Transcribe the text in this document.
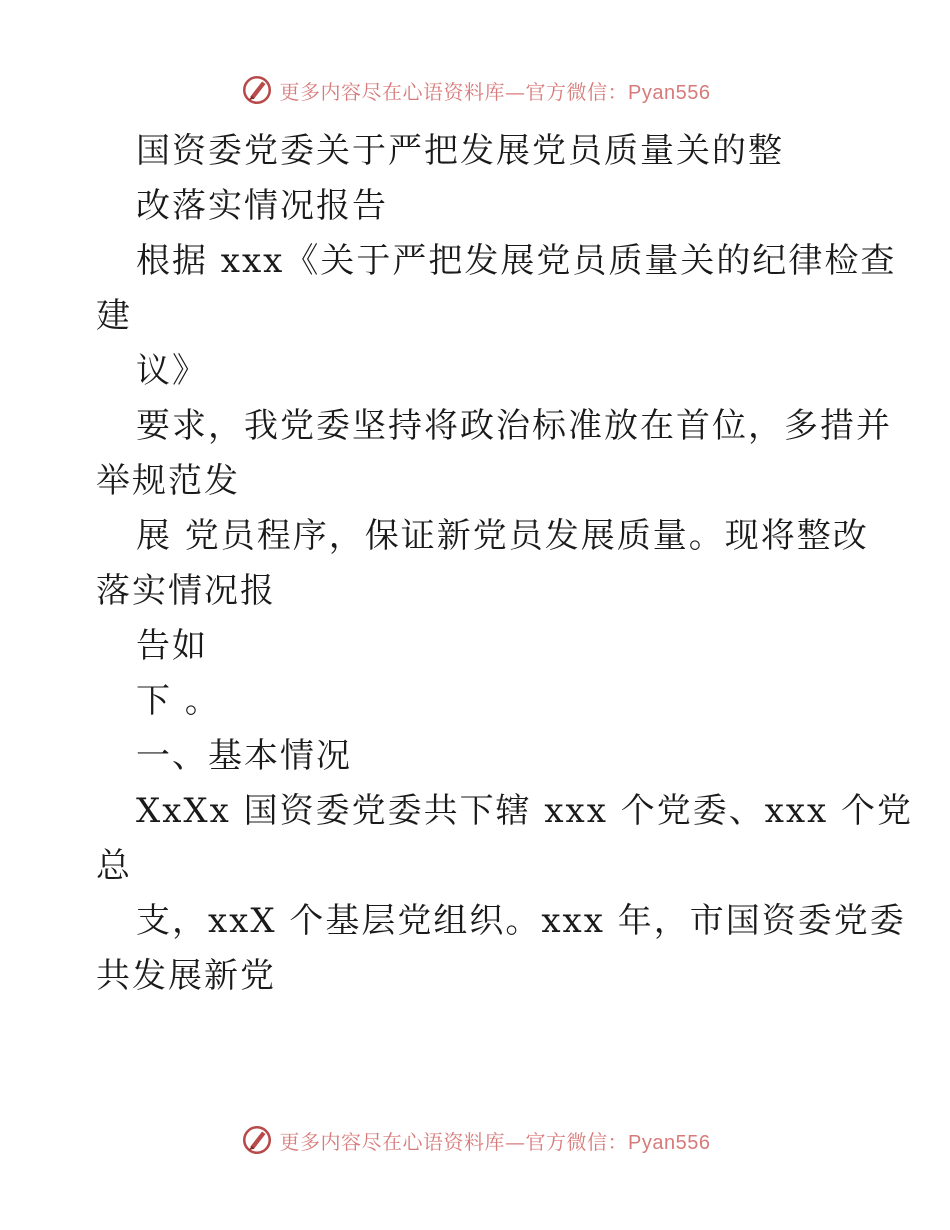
更多内容尽在心语资料库—官方微信：Pyan556
国资委党委关于严把发展党员质量关的整
改落实情况报告
根据 xxx《关于严把发展党员质量关的纪律检查
建
议》
要求，我党委坚持将政治标准放在首位，多措并
举规范发
展 党员程序，保证新党员发展质量。现将整改
落实情况报
告如
下 。
一、基本情况
XxXx 国资委党委共下辖 xxx 个党委、xxx 个党
总
支，xxX 个基层党组织。xxx 年，市国资委党委
共发展新党
更多内容尽在心语资料库—官方微信：Pyan556
